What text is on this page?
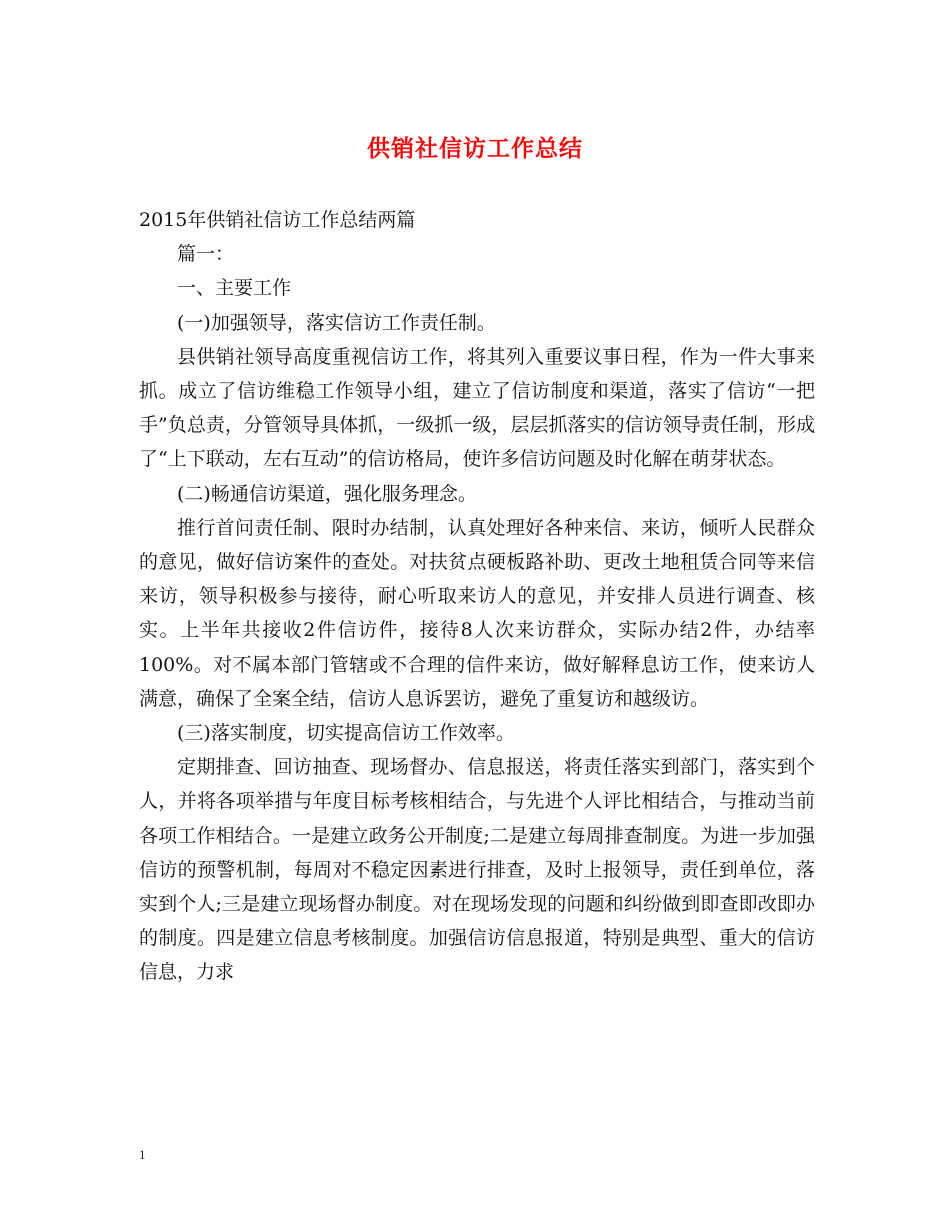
供销社信访工作总结

2015年供销社信访工作总结两篇

篇一：

一、主要工作

(一)加强领导，落实信访工作责任制。

县供销社领导高度重视信访工作，将其列入重要议事日程，作为一件大事来抓。成立了信访维稳工作领导小组，建立了信访制度和渠道，落实了信访“一把手”负总责，分管领导具体抓，一级抓一级，层层抓落实的信访领导责任制，形成了“上下联动，左右互动”的信访格局，使许多信访问题及时化解在萌芽状态。

(二)畅通信访渠道，强化服务理念。

推行首问责任制、限时办结制，认真处理好各种来信、来访，倾听人民群众的意见，做好信访案件的查处。对扶贫点硬板路补助、更改土地租赁合同等来信来访，领导积极参与接待，耐心听取来访人的意见，并安排人员进行调查、核实。上半年共接收2件信访件，接待8人次来访群众，实际办结2件，办结率100%。对不属本部门管辖或不合理的信件来访，做好解释息访工作，使来访人满意，确保了全案全结，信访人息诉罢访，避免了重复访和越级访。

(三)落实制度，切实提高信访工作效率。

定期排查、回访抽查、现场督办、信息报送，将责任落实到部门，落实到个人，并将各项举措与年度目标考核相结合，与先进个人评比相结合，与推动当前各项工作相结合。一是建立政务公开制度;二是建立每周排查制度。为进一步加强信访的预警机制，每周对不稳定因素进行排查，及时上报领导，责任到单位，落实到个人;三是建立现场督办制度。对在现场发现的问题和纠纷做到即查即改即办的制度。四是建立信息考核制度。加强信访信息报道，特别是典型、重大的信访信息，力求

1
